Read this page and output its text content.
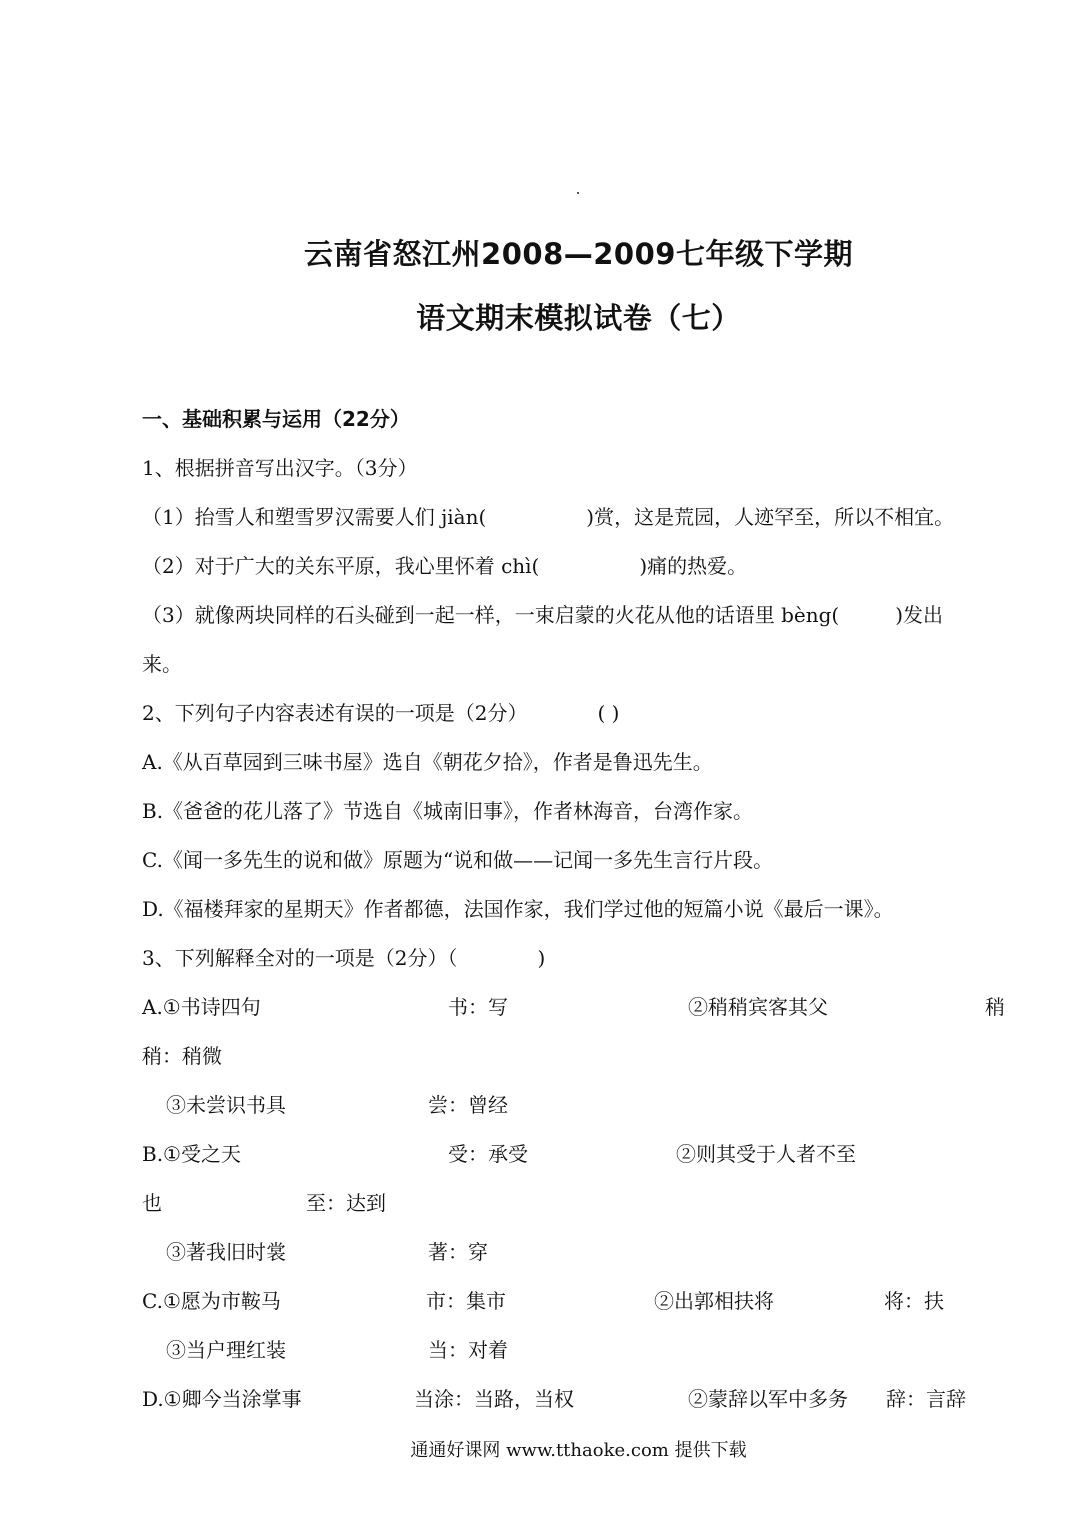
云南省怒江州2008—2009七年级下学期
语文期末模拟试卷（七）
一、基础积累与运用（22分）
1、根据拼音写出汉字。（3分）
（1）抬雪人和塑雪罗汉需要人们 jiàn(	)赏，这是荒园，人迹罕至，所以不相宜。
（2）对于广大的关东平原，我心里怀着 chì(	)痛的热爱。
（3）就像两块同样的石头碰到一起一样，一束启蒙的火花从他的话语里 bèng(	)发出
来。
2、下列句子内容表述有误的一项是（2分）	( )
A.《从百草园到三味书屋》选自《朝花夕拾》，作者是鲁迅先生。
B.《爸爸的花儿落了》节选自《城南旧事》，作者林海音，台湾作家。
C.《闻一多先生的说和做》原题为“说和做——记闻一多先生言行片段。
D.《福楼拜家的星期天》作者都德，法国作家，我们学过他的短篇小说《最后一课》。
3、下列解释全对的一项是（2分）（	)
A.①书诗四句	书：写	②稍稍宾客其父	稍
稍：稍微
③未尝识书具	尝：曾经
B.①受之天	受：承受	②则其受于人者不至
也	至：达到
③著我旧时裳	著：穿
C.①愿为市鞍马	市：集市	②出郭相扶将	将：扶
③当户理红装	当：对着
D.①卿今当涂掌事	当涂：当路，当权	②蒙辞以军中多务 辞：言辞
通通好课网 www.tthaoke.com 提供下载
